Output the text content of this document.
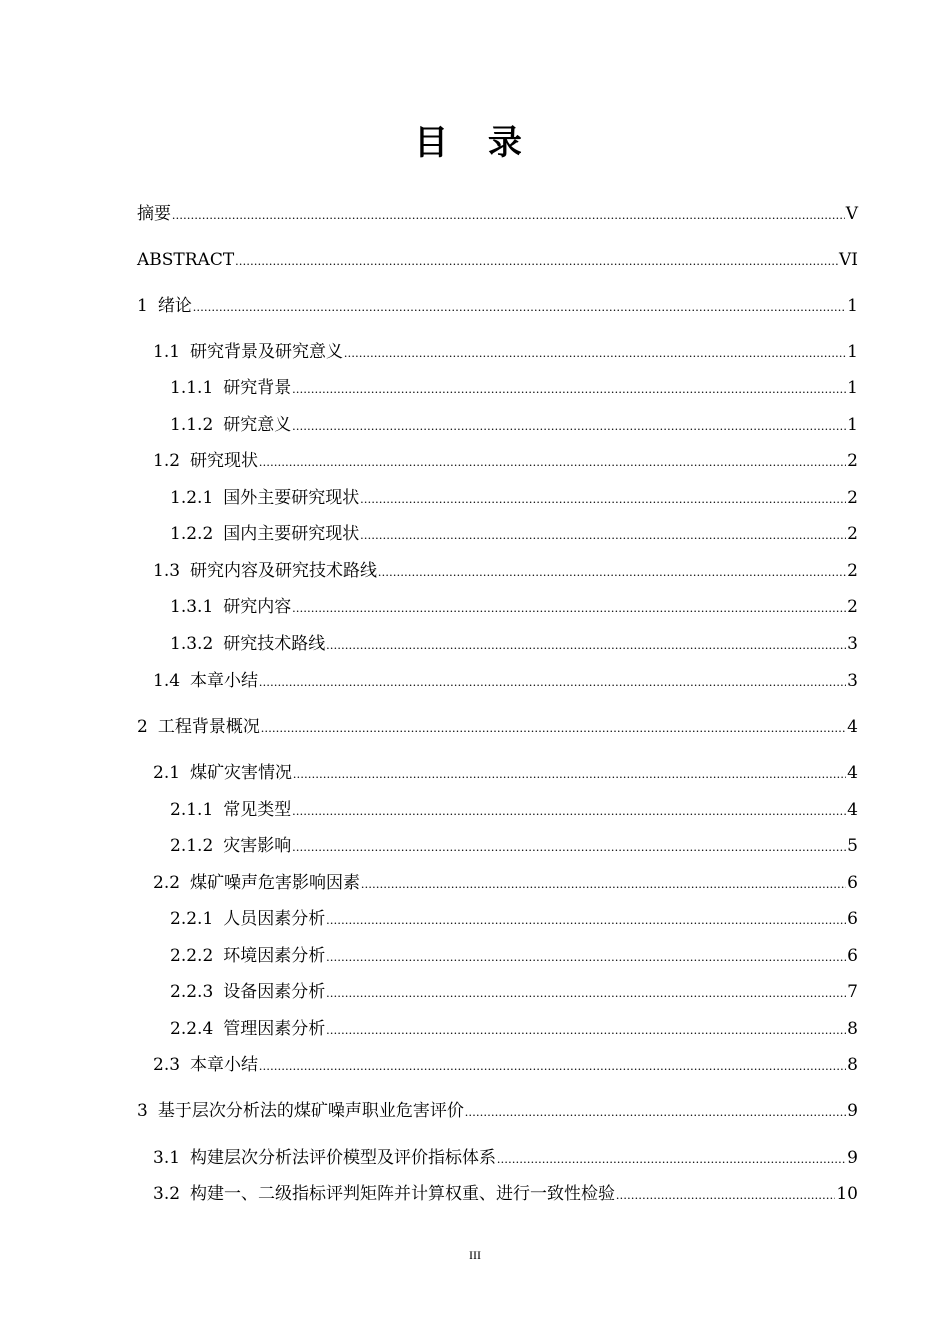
目 录
摘要 .....	V
ABSTRACT .....	VI
1 绪论 .....	1
1.1 研究背景及研究意义 .....	1
1.1.1 研究背景 .....	1
1.1.2 研究意义 .....	1
1.2 研究现状 .....	2
1.2.1 国外主要研究现状 .....	2
1.2.2 国内主要研究现状 .....	2
1.3 研究内容及研究技术路线 .....	2
1.3.1 研究内容 .....	2
1.3.2 研究技术路线 .....	3
1.4 本章小结 .....	3
2 工程背景概况 .....	4
2.1 煤矿灾害情况 .....	4
2.1.1 常见类型 .....	4
2.1.2 灾害影响 .....	5
2.2 煤矿噪声危害影响因素 .....	6
2.2.1 人员因素分析 .....	6
2.2.2 环境因素分析 .....	6
2.2.3 设备因素分析 .....	7
2.2.4 管理因素分析 .....	8
2.3 本章小结 .....	8
3 基于层次分析法的煤矿噪声职业危害评价 .....	9
3.1 构建层次分析法评价模型及评价指标体系 .....	9
3.2 构建一、二级指标评判矩阵并计算权重、进行一致性检验 .....	10
III
